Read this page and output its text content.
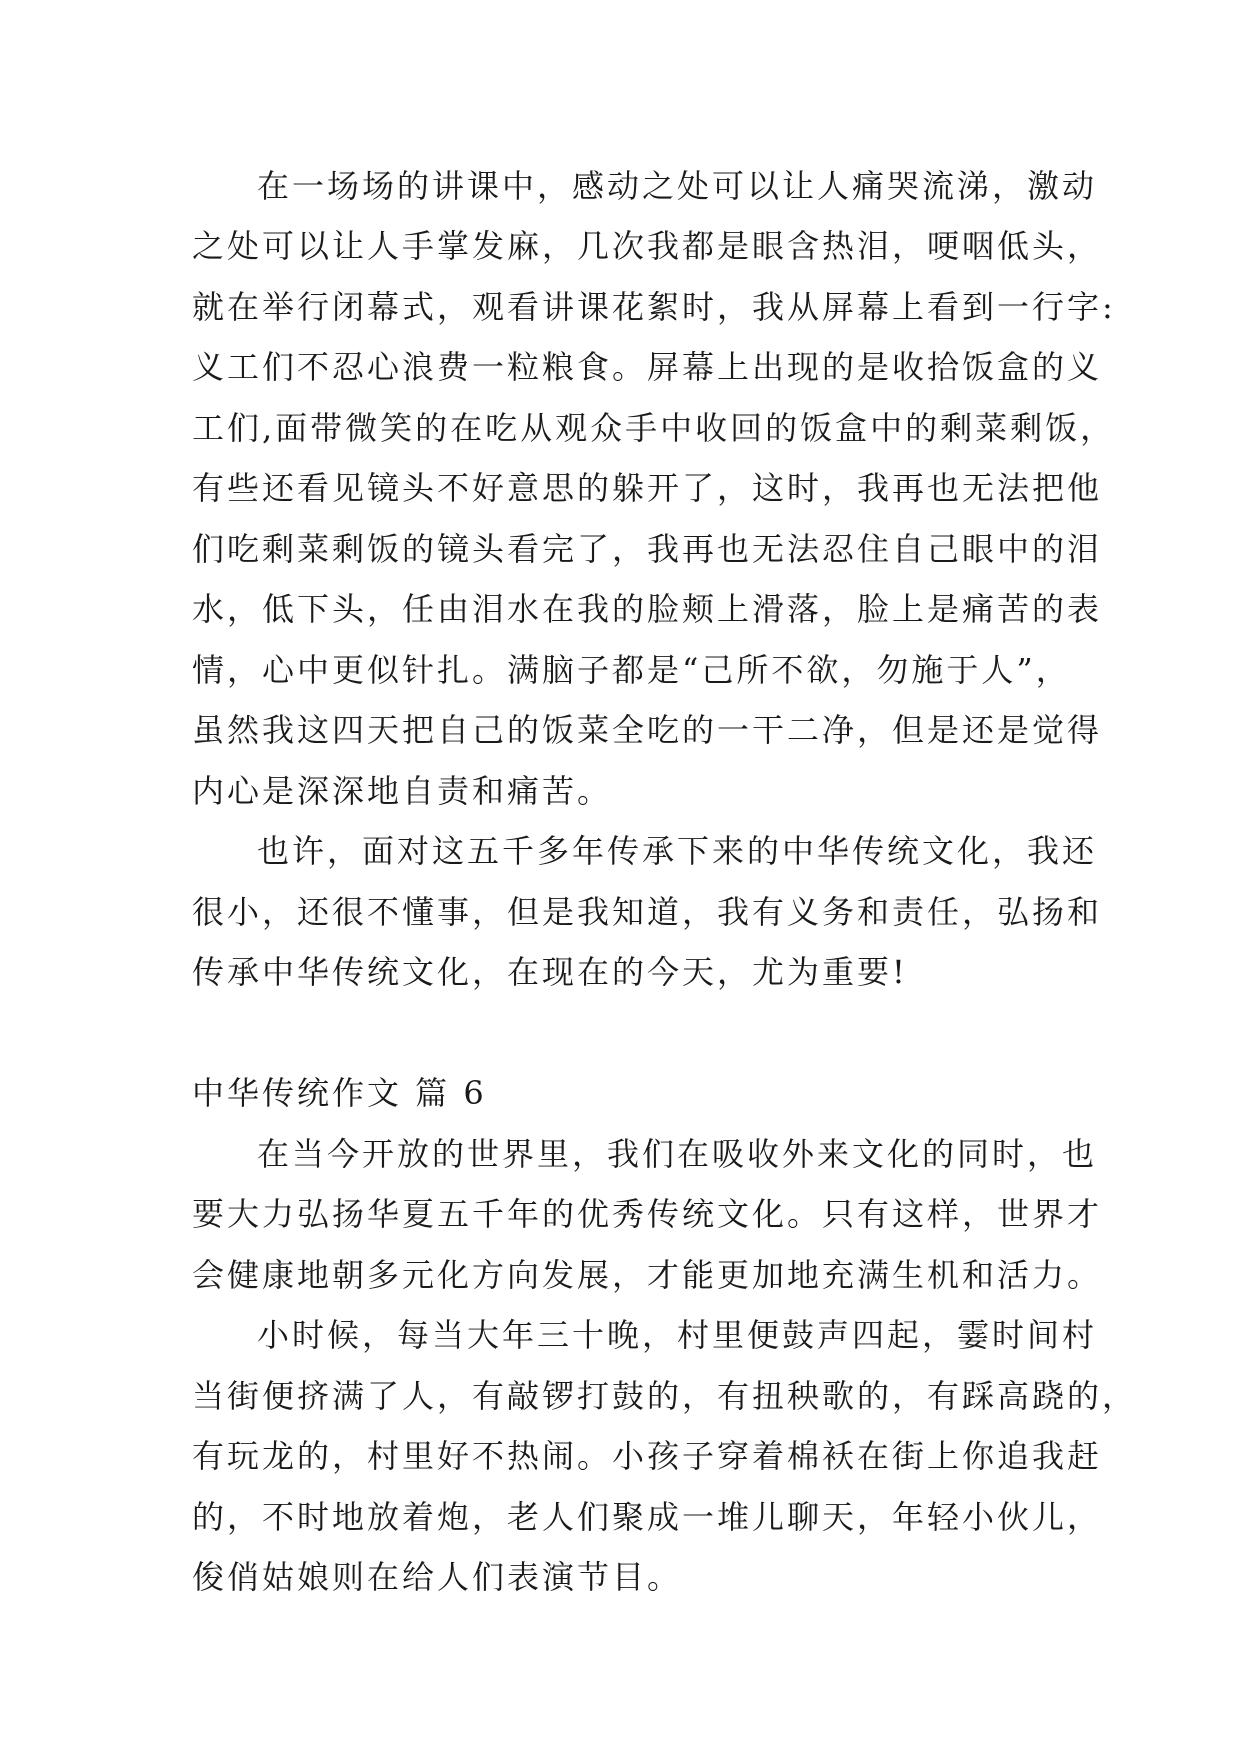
在一场场的讲课中，感动之处可以让人痛哭流涕，激动
之处可以让人手掌发麻，几次我都是眼含热泪，哽咽低头，
就在举行闭幕式，观看讲课花絮时，我从屏幕上看到一行字:
义工们不忍心浪费一粒粮食。屏幕上出现的是收拾饭盒的义
工们,面带微笑的在吃从观众手中收回的饭盒中的剩菜剩饭，
有些还看见镜头不好意思的躲开了，这时，我再也无法把他
们吃剩菜剩饭的镜头看完了，我再也无法忍住自己眼中的泪
水，低下头，任由泪水在我的脸颊上滑落，脸上是痛苦的表
情，心中更似针扎。满脑子都是“己所不欲，勿施于人”，
虽然我这四天把自己的饭菜全吃的一干二净，但是还是觉得
内心是深深地自责和痛苦。
也许，面对这五千多年传承下来的中华传统文化，我还
很小，还很不懂事，但是我知道，我有义务和责任，弘扬和
传承中华传统文化，在现在的今天，尤为重要!
中华传统作文 篇 6
在当今开放的世界里，我们在吸收外来文化的同时，也
要大力弘扬华夏五千年的优秀传统文化。只有这样，世界才
会健康地朝多元化方向发展，才能更加地充满生机和活力。
小时候，每当大年三十晚，村里便鼓声四起，霎时间村
当街便挤满了人，有敲锣打鼓的，有扭秧歌的，有踩高跷的，
有玩龙的，村里好不热闹。小孩子穿着棉袄在街上你追我赶
的，不时地放着炮，老人们聚成一堆儿聊天，年轻小伙儿，
俊俏姑娘则在给人们表演节目。
